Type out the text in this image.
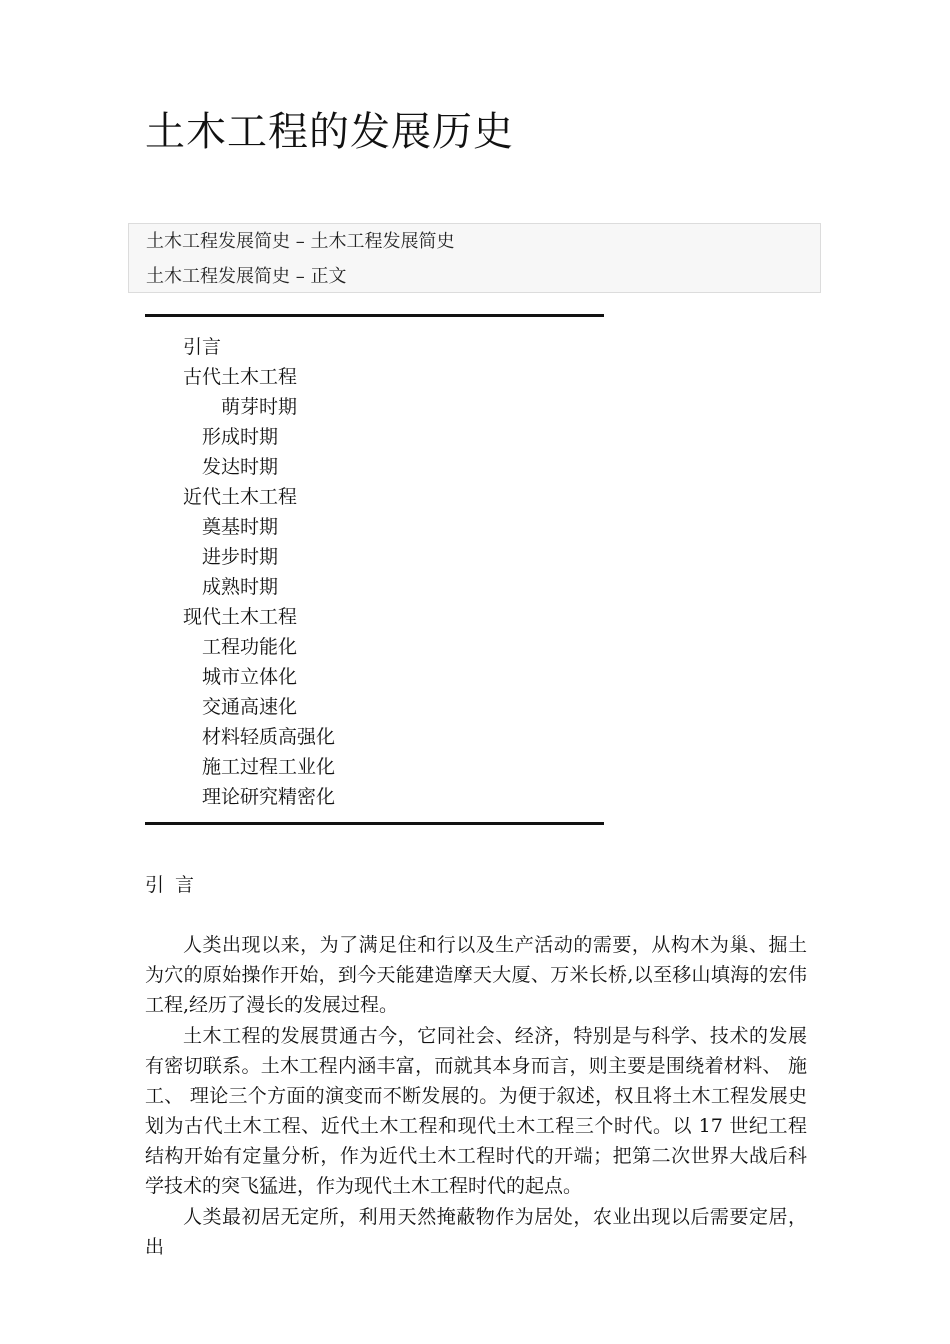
土木工程的发展历史
土木工程发展简史 – 土木工程发展简史
土木工程发展简史 – 正文
引言
古代土木工程
萌芽时期
形成时期
发达时期
近代土木工程
奠基时期
进步时期
成熟时期
现代土木工程
工程功能化
城市立体化
交通高速化
材料轻质高强化
施工过程工业化
理论研究精密化
引言

人类出现以来，为了满足住和行以及生产活动的需要，从构木为巢、掘土为穴的原始操作开始，到今天能建造摩天大厦、万米长桥,以至移山填海的宏伟工程,经历了漫长的发展过程。

土木工程的发展贯通古今，它同社会、经济，特别是与科学、技术的发展有密切联系。土木工程内涵丰富，而就其本身而言，则主要是围绕着材料、 施工、 理论三个方面的演变而不断发展的。为便于叙述，权且将土木工程发展史划为古代土木工程、近代土木工程和现代土木工程三个时代。以 17 世纪工程结构开始有定量分析，作为近代土木工程时代的开端；把第二次世界大战后科学技术的突飞猛进，作为现代土木工程时代的起点。

人类最初居无定所，利用天然掩蔽物作为居处，农业出现以后需要定居，出
